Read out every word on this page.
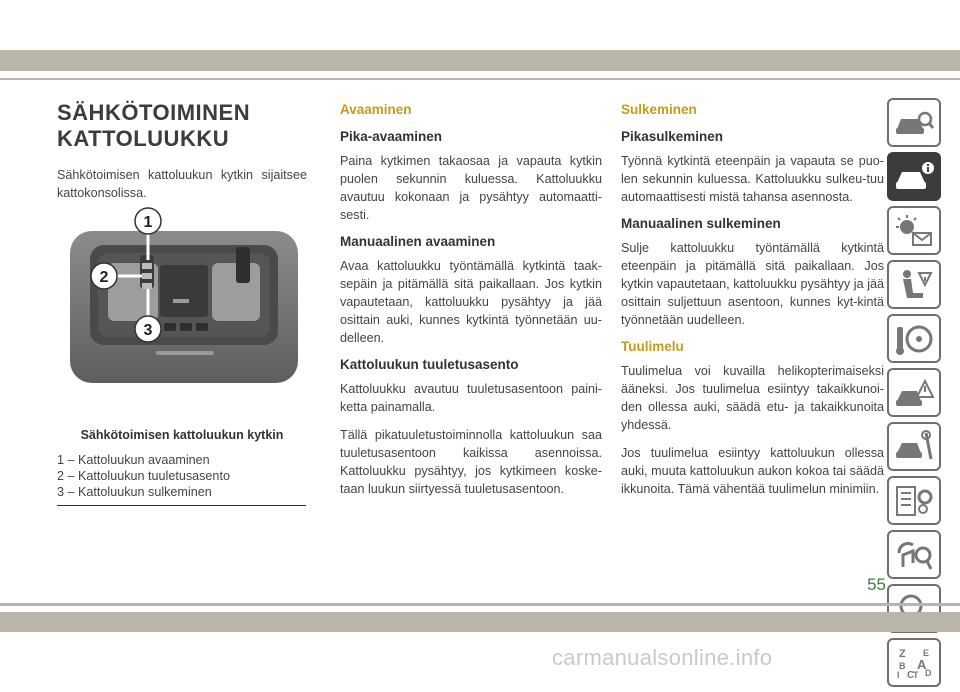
SÄHKÖTOIMINEN
KATTOLUUKKU

Sähkötoimisen kattoluukun kytkin sijaitsee kattokonsolissa.

1
2
3
Sähkötoimisen kattoluukun kytkin
1 – Kattoluukun avaaminen
2 – Kattoluukun tuuletusasento
3 – Kattoluukun sulkeminen
Avaaminen
Pika-avaaminen

Paina kytkimen takaosaa ja vapauta kytkin puolen sekunnin kuluessa. Kattoluukku avautuu kokonaan ja pysähtyy automaatti-sesti.

Manuaalinen avaaminen

Avaa kattoluukku työntämällä kytkintä taak-sepäin ja pitämällä sitä paikallaan. Jos kytkin vapautetaan, kattoluukku pysähtyy ja jää osittain auki, kunnes kytkintä työnnetään uu-delleen.

Kattoluukun tuuletusasento

Kattoluukku avautuu tuuletusasentoon paini-ketta painamalla.

Tällä pikatuuletustoiminnolla kattoluukun saa tuuletusasentoon kaikissa asennoissa. Kattoluukku pysähtyy, jos kytkimeen koske-taan luukun siirtyessä tuuletusasentoon.

Sulkeminen
Pikasulkeminen

Työnnä kytkintä eteenpäin ja vapauta se puo-len sekunnin kuluessa. Kattoluukku sulkeu-tuu automaattisesti mistä tahansa asennosta.

Manuaalinen sulkeminen

Sulje kattoluukku työntämällä kytkintä eteenpäin ja pitämällä sitä paikallaan. Jos kytkin vapautetaan, kattoluukku pysähtyy ja jää osittain suljettuun asentoon, kunnes kyt-kintä työnnetään uudelleen.

Tuulimelu

Tuulimelua voi kuvailla helikopterimaiseksi ääneksi. Jos tuulimelua esiintyy takaikkunoi-den ollessa auki, säädä etu- ja takaikkunoita yhdessä.

Jos tuulimelua esiintyy kattoluukun ollessa auki, muuta kattoluukun aukon kokoa tai säädä ikkunoita. Tämä vähentää tuulimelun minimiin.

Z E
B A
C D
T
I
55
carmanualsonline.info
